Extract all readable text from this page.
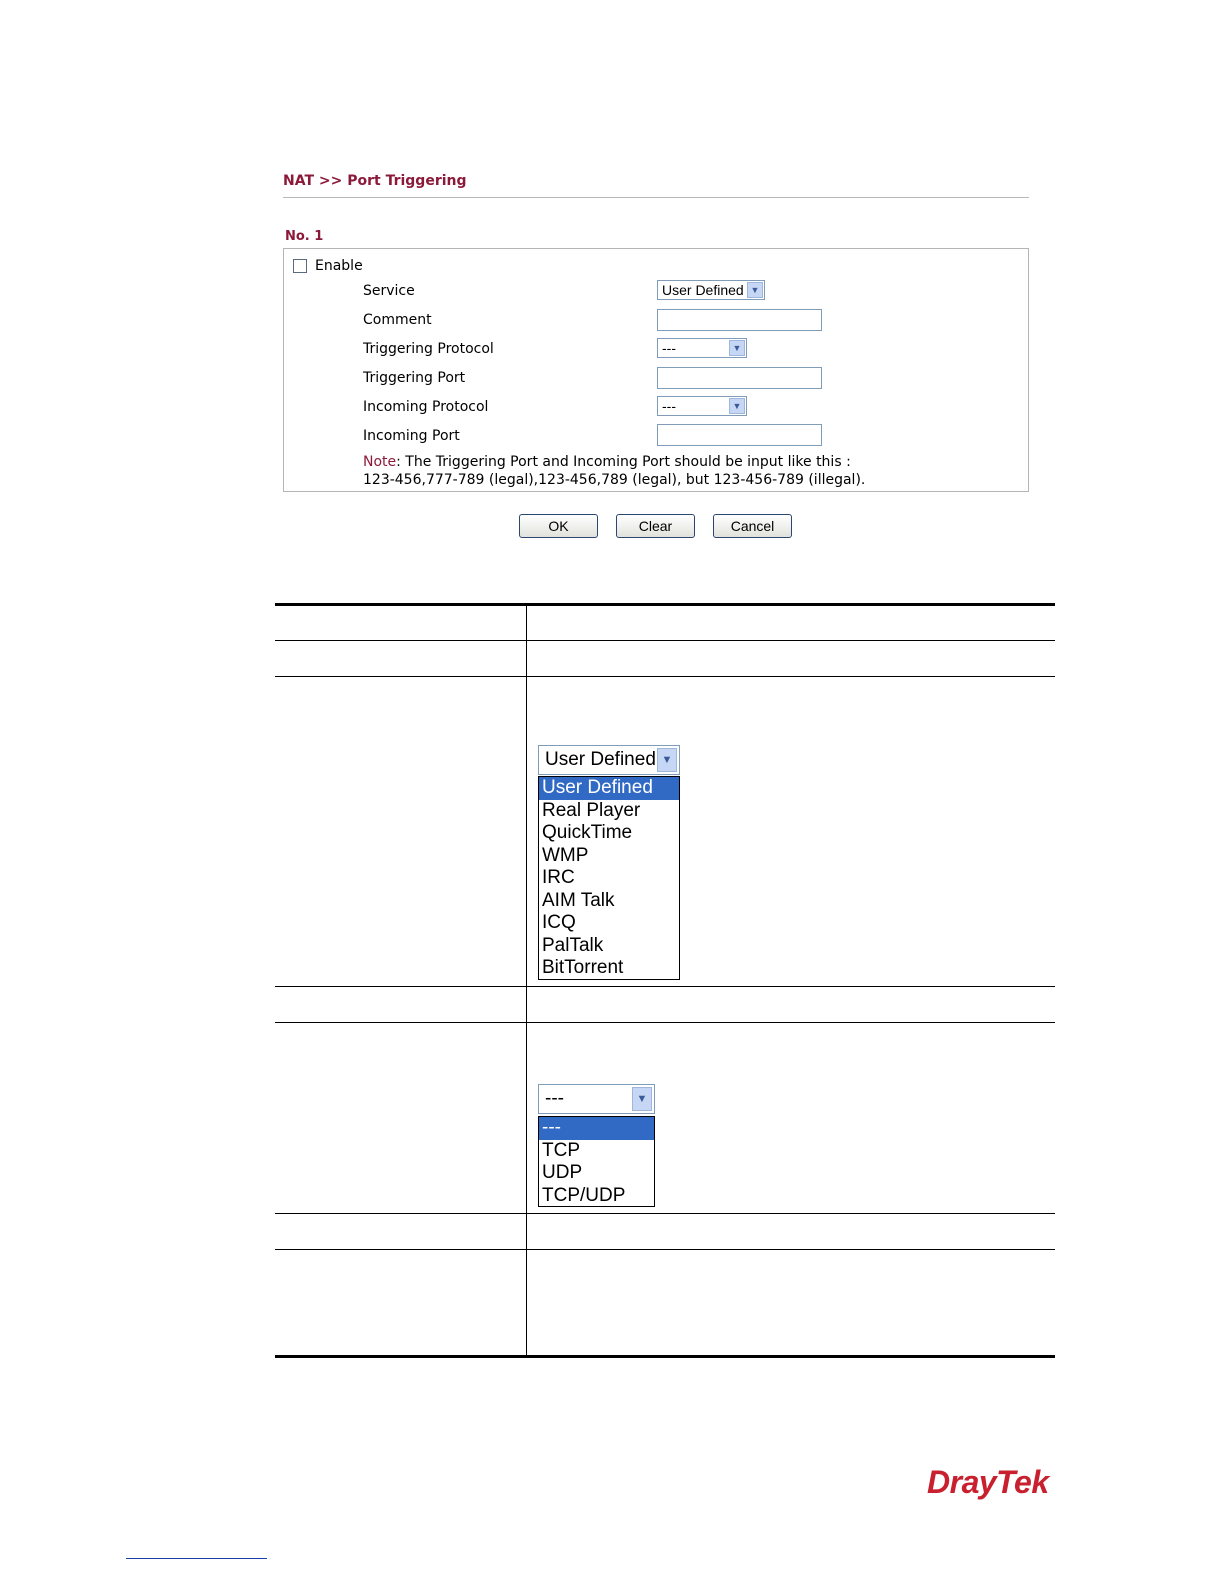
NAT >> Port Triggering
No. 1
Enable
Service	User Defined ▼
Comment
Triggering Protocol	---	▼
Triggering Port
Incoming Protocol	---	▼
Incoming Port
Note: The Triggering Port and Incoming Port should be input like this :
123-456,777-789 (legal),123-456,789 (legal), but 123-456-789 (illegal).
OK	Clear	Cancel
User Defined ▼
User Defined
Real Player
QuickTime
WMP
IRC
AIM Talk
ICQ
PalTalk
BitTorrent
---	▼
---
TCP
UDP
TCP/UDP
DrayTek
